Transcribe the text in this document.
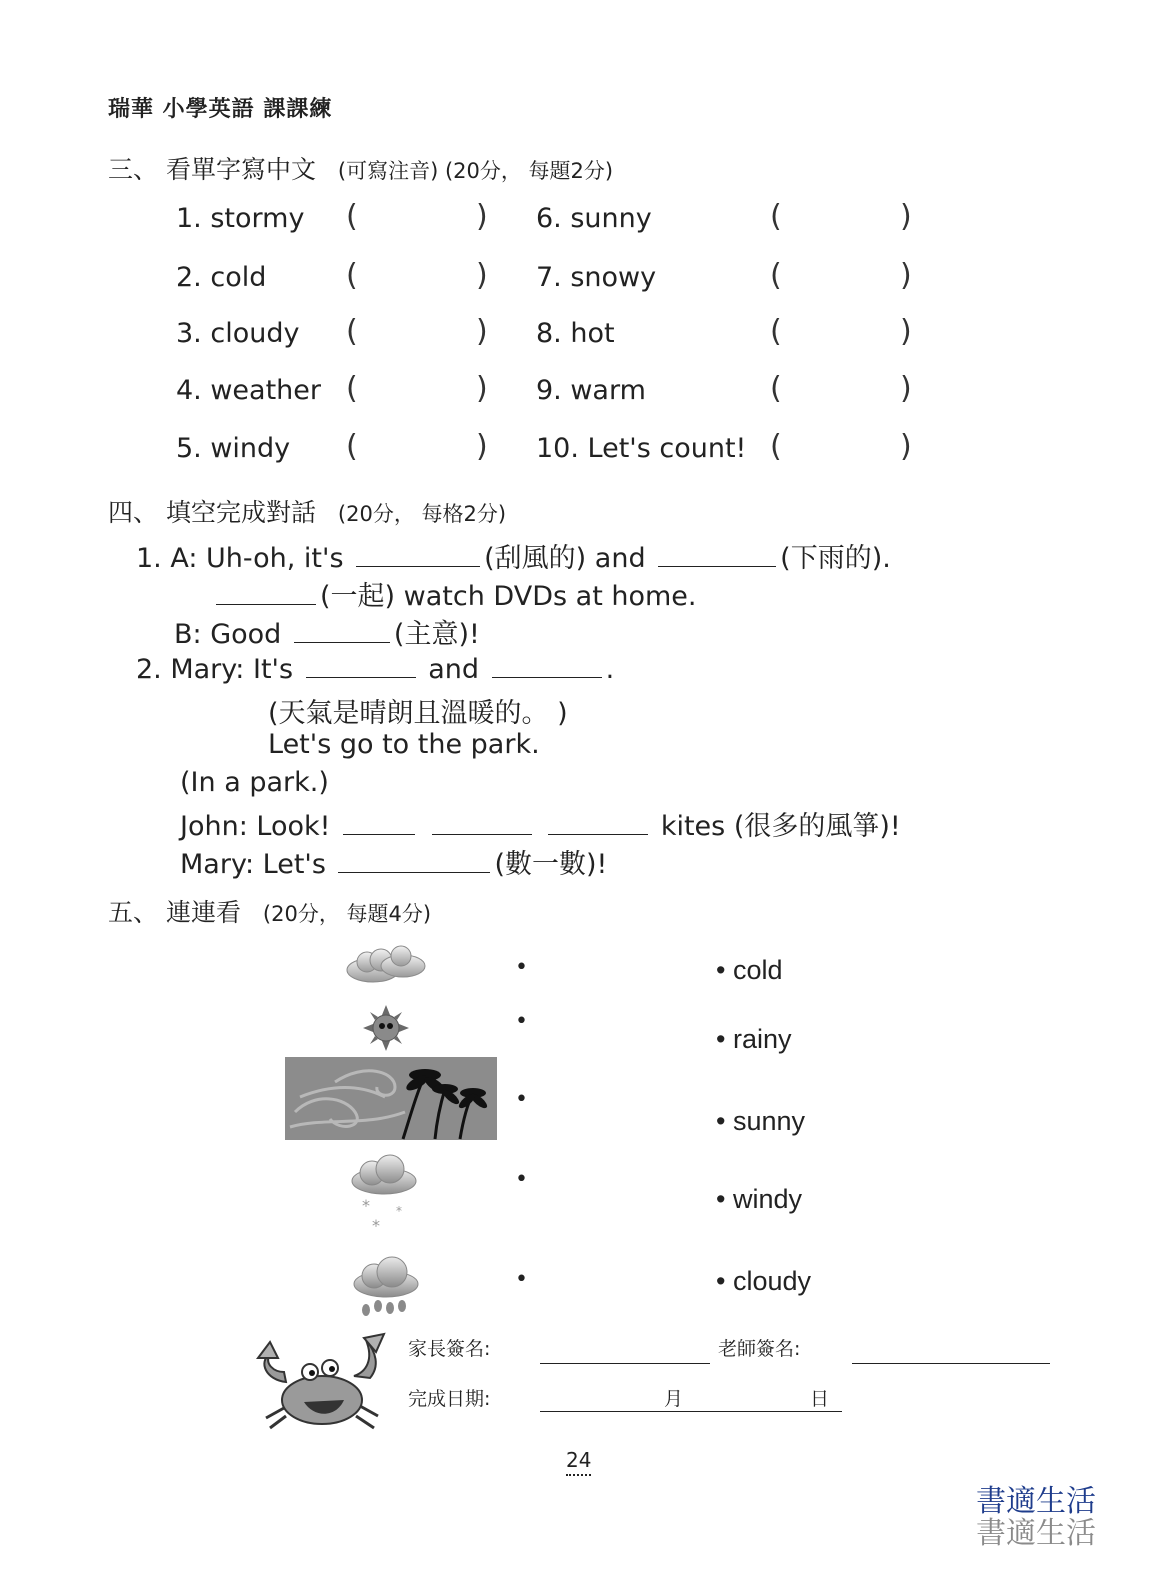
瑞華 小學英語 課課練
三、 看單字寫中文 (可寫注音) (20分， 每題2分)
1. stormy (	) 6. sunny	(	)
2. cold	(	) 7. snowy	(	)
3. cloudy (	) 8. hot	(	)
4. weather (	) 9. warm	(	)
5. windy (	) 10. Let's count! (	)
四、 填空完成對話 (20分， 每格2分)
1. A: Uh-oh, it's	(刮風的) and	(下雨的).
(一起) watch DVDs at home.
B: Good	(主意)!
2. Mary: It's	and	.
(天氣是晴朗且溫暖的。 )
Let's go to the park.
(In a park.)
John: Look!	kites (很多的風箏)!
Mary: Let's	(數一數)!
五、 連連看 (20分， 每題4分)
* *
*
•
•
•
•
•
• cold
• rainy
• sunny
• windy
• cloudy
家長簽名:	老師簽名:
完成日期:	月	日
24
書適生活
書適生活
